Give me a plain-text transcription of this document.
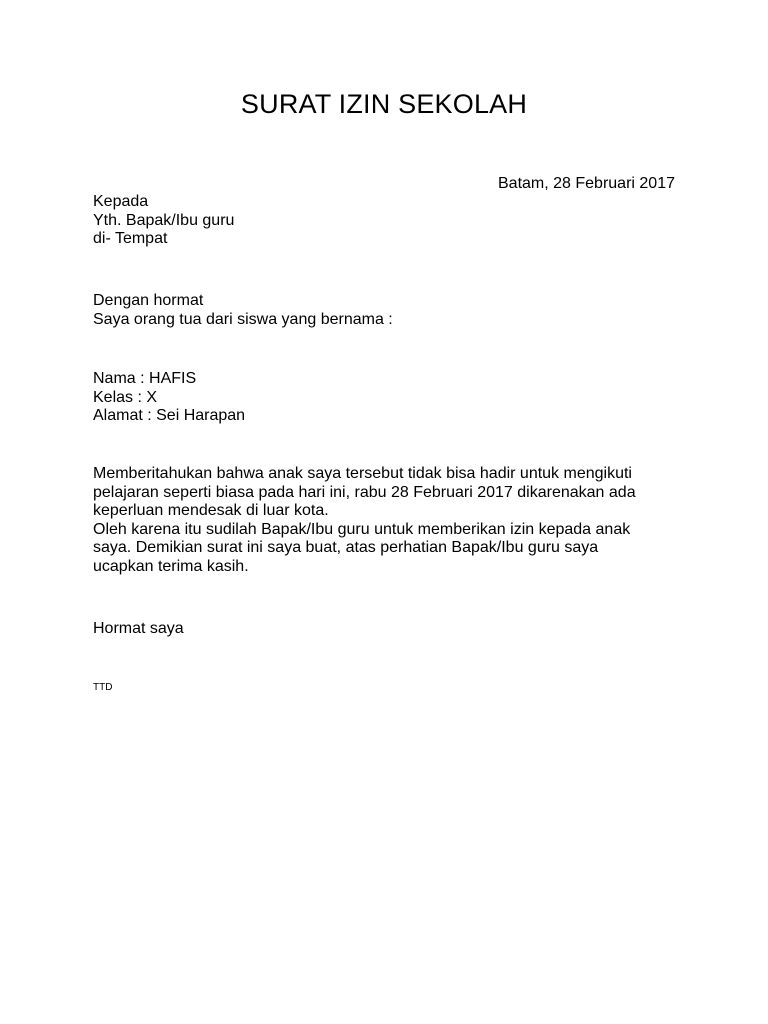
SURAT IZIN SEKOLAH
Batam, 28 Februari 2017
Kepada
Yth. Bapak/Ibu guru
di- Tempat
Dengan hormat
Saya orang tua dari siswa yang bernama :
Nama : HAFIS
Kelas : X
Alamat : Sei Harapan
Memberitahukan bahwa anak saya tersebut tidak bisa hadir untuk mengikuti
pelajaran seperti biasa pada hari ini, rabu 28 Februari 2017 dikarenakan ada
keperluan mendesak di luar kota.
Oleh karena itu sudilah Bapak/Ibu guru untuk memberikan izin kepada anak
saya. Demikian surat ini saya buat, atas perhatian Bapak/Ibu guru saya
ucapkan terima kasih.
Hormat saya
TTD
